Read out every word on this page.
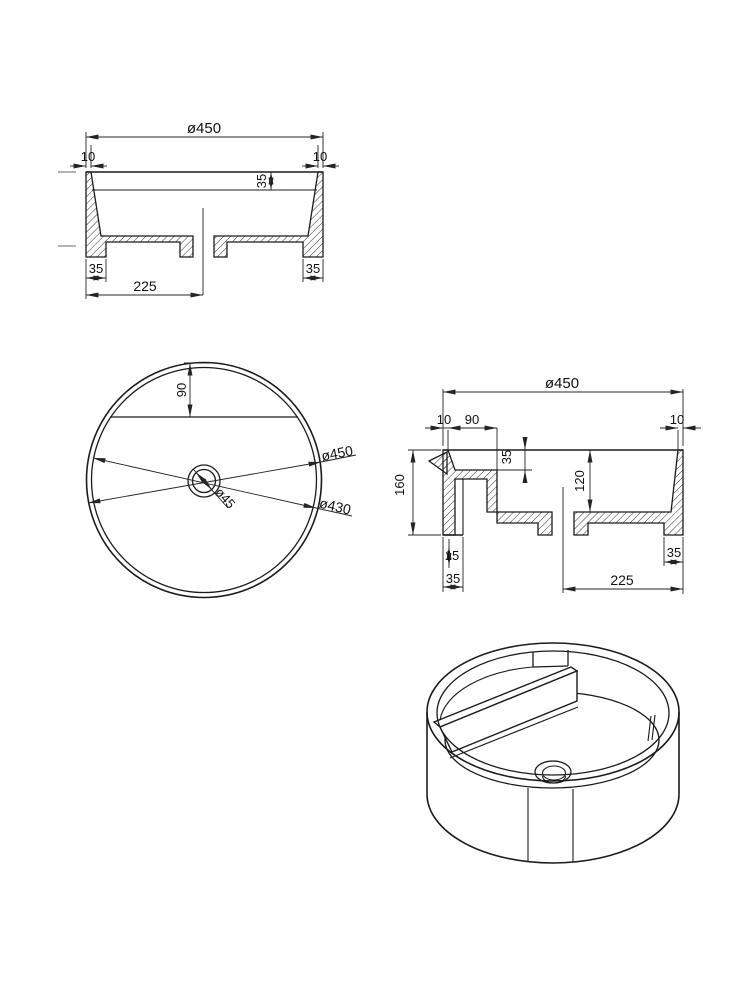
ø450
10	10
35
35	35
225
90
ø450
ø430
ø45
ø450
10 90	10
35
120
160
15
35
35
225
